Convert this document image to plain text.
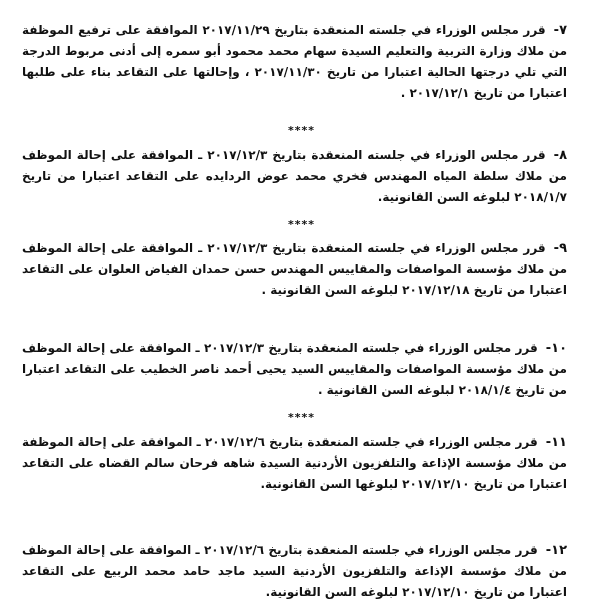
٧-قرر مجلس الوزراء في جلسته المنعقدة بتاريخ ٢٠١٧/١١/٢٩ الموافقة على ترفيع الموظفة من ملاك وزارة التربية والتعليم السيدة سهام محمد محمود أبو سمره إلى أدنى مربوط الدرجة التي تلي درجتها الحالية اعتبارا من تاريخ ٢٠١٧/١١/٣٠ ، وإحالتها على التقاعد بناء على طلبها اعتبارا من تاريخ ٢٠١٧/١٢/١ .
****
٨-قرر مجلس الوزراء في جلسته المنعقدة بتاريخ ٢٠١٧/١٢/٣ ـ الموافقة على إحالة الموظف من ملاك سلطة المياه المهندس فخري محمد عوض الردايده على التقاعد اعتبارا من تاريخ ٢٠١٨/١/٧ لبلوغه السن القانونية.
****
٩-قرر مجلس الوزراء في جلسته المنعقدة بتاريخ ٢٠١٧/١٢/٣ ـ الموافقة على إحالة الموظف من ملاك مؤسسة المواصفات والمقاييس المهندس حسن حمدان الفياض العلوان على التقاعد اعتبارا من تاريخ ٢٠١٧/١٢/١٨ لبلوغه السن القانونية .
١٠-قرر مجلس الوزراء في جلسته المنعقدة بتاريخ ٢٠١٧/١٢/٣ ـ الموافقة على إحالة الموظف من ملاك مؤسسة المواصفات والمقاييس السيد يحيى أحمد ناصر الخطيب على التقاعد اعتبارا من تاريخ ٢٠١٨/١/٤ لبلوغه السن القانونية .
****
١١-قرر مجلس الوزراء في جلسته المنعقدة بتاريخ ٢٠١٧/١٢/٦ ـ الموافقة على إحالة الموظفة من ملاك مؤسسة الإذاعة والتلفزيون الأردنية السيدة شاهه فرحان سالم القضاه على التقاعد اعتبارا من تاريخ ٢٠١٧/١٢/١٠ لبلوغها السن القانونية.
١٢-قرر مجلس الوزراء في جلسته المنعقدة بتاريخ ٢٠١٧/١٢/٦ ـ الموافقة على إحالة الموظف من ملاك مؤسسة الإذاعة والتلفزيون الأردنية السيد ماجد حامد محمد الربيع على التقاعد اعتبارا من تاريخ ٢٠١٧/١٢/١٠ لبلوغه السن القانونية.
